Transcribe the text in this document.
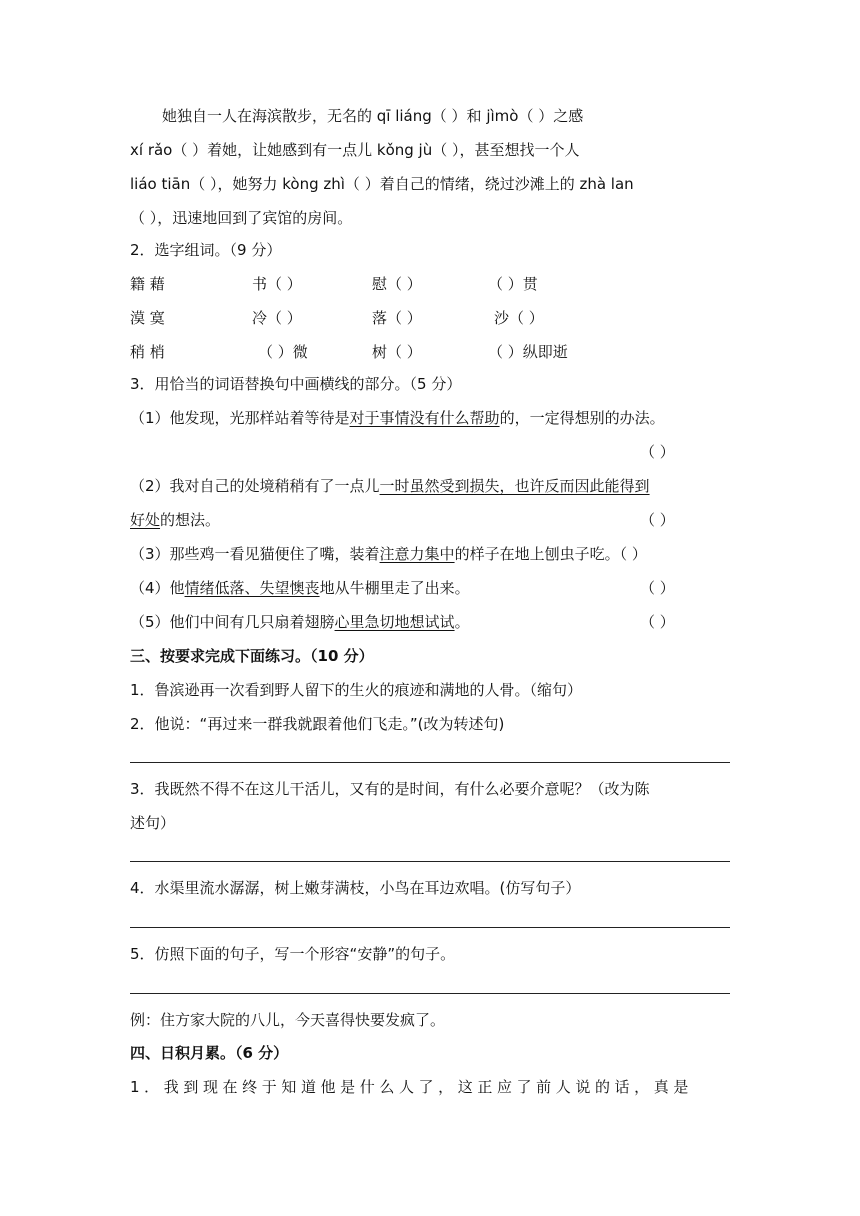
她独自一人在海滨散步，无名的 qī liáng（ ）和 jìmò（ ）之感
xí rǎo（ ）着她，让她感到有一点儿 kǒng jù（ ），甚至想找一个人
liáo tiān（ ），她努力 kòng zhì（ ）着自己的情绪，绕过沙滩上的 zhà lan
（ ），迅速地回到了宾馆的房间。
2．选字组词。（9 分）
籍 藉	书（ ）	慰（ ）	（ ）贯
漠 寞	冷（ ）	落（ ）	沙（ ）
稍 梢	（ ）微	树（ ）	（ ）纵即逝
3．用恰当的词语替换句中画横线的部分。（5 分）
（1）他发现，光那样站着等待是对于事情没有什么帮助的，一定得想别的办法。
（ ）
（2）我对自己的处境稍稍有了一点儿一时虽然受到损失，也许反而因此能得到
好处的想法。	（ ）
（3）那些鸡一看见猫便住了嘴，装着注意力集中的样子在地上刨虫子吃。（ ）
（4）他情绪低落、失望懊丧地从牛棚里走了出来。	（ ）
（5）他们中间有几只扇着翅膀心里急切地想试试。	（ ）
三、按要求完成下面练习。（10 分）
1．鲁滨逊再一次看到野人留下的生火的痕迹和满地的人骨。（缩句）
2．他说：“再过来一群我就跟着他们飞走。”(改为转述句)
3．我既然不得不在这儿干活儿，又有的是时间，有什么必要介意呢？（改为陈
述句）
4．水渠里流水潺潺，树上嫩芽满枝，小鸟在耳边欢唱。(仿写句子）
5．仿照下面的句子，写一个形容“安静”的句子。
例：住方家大院的八儿，今天喜得快要发疯了。
四、日积月累。（6 分）
1．我到现在终于知道他是什么人了，这正应了前人说的话，真是
